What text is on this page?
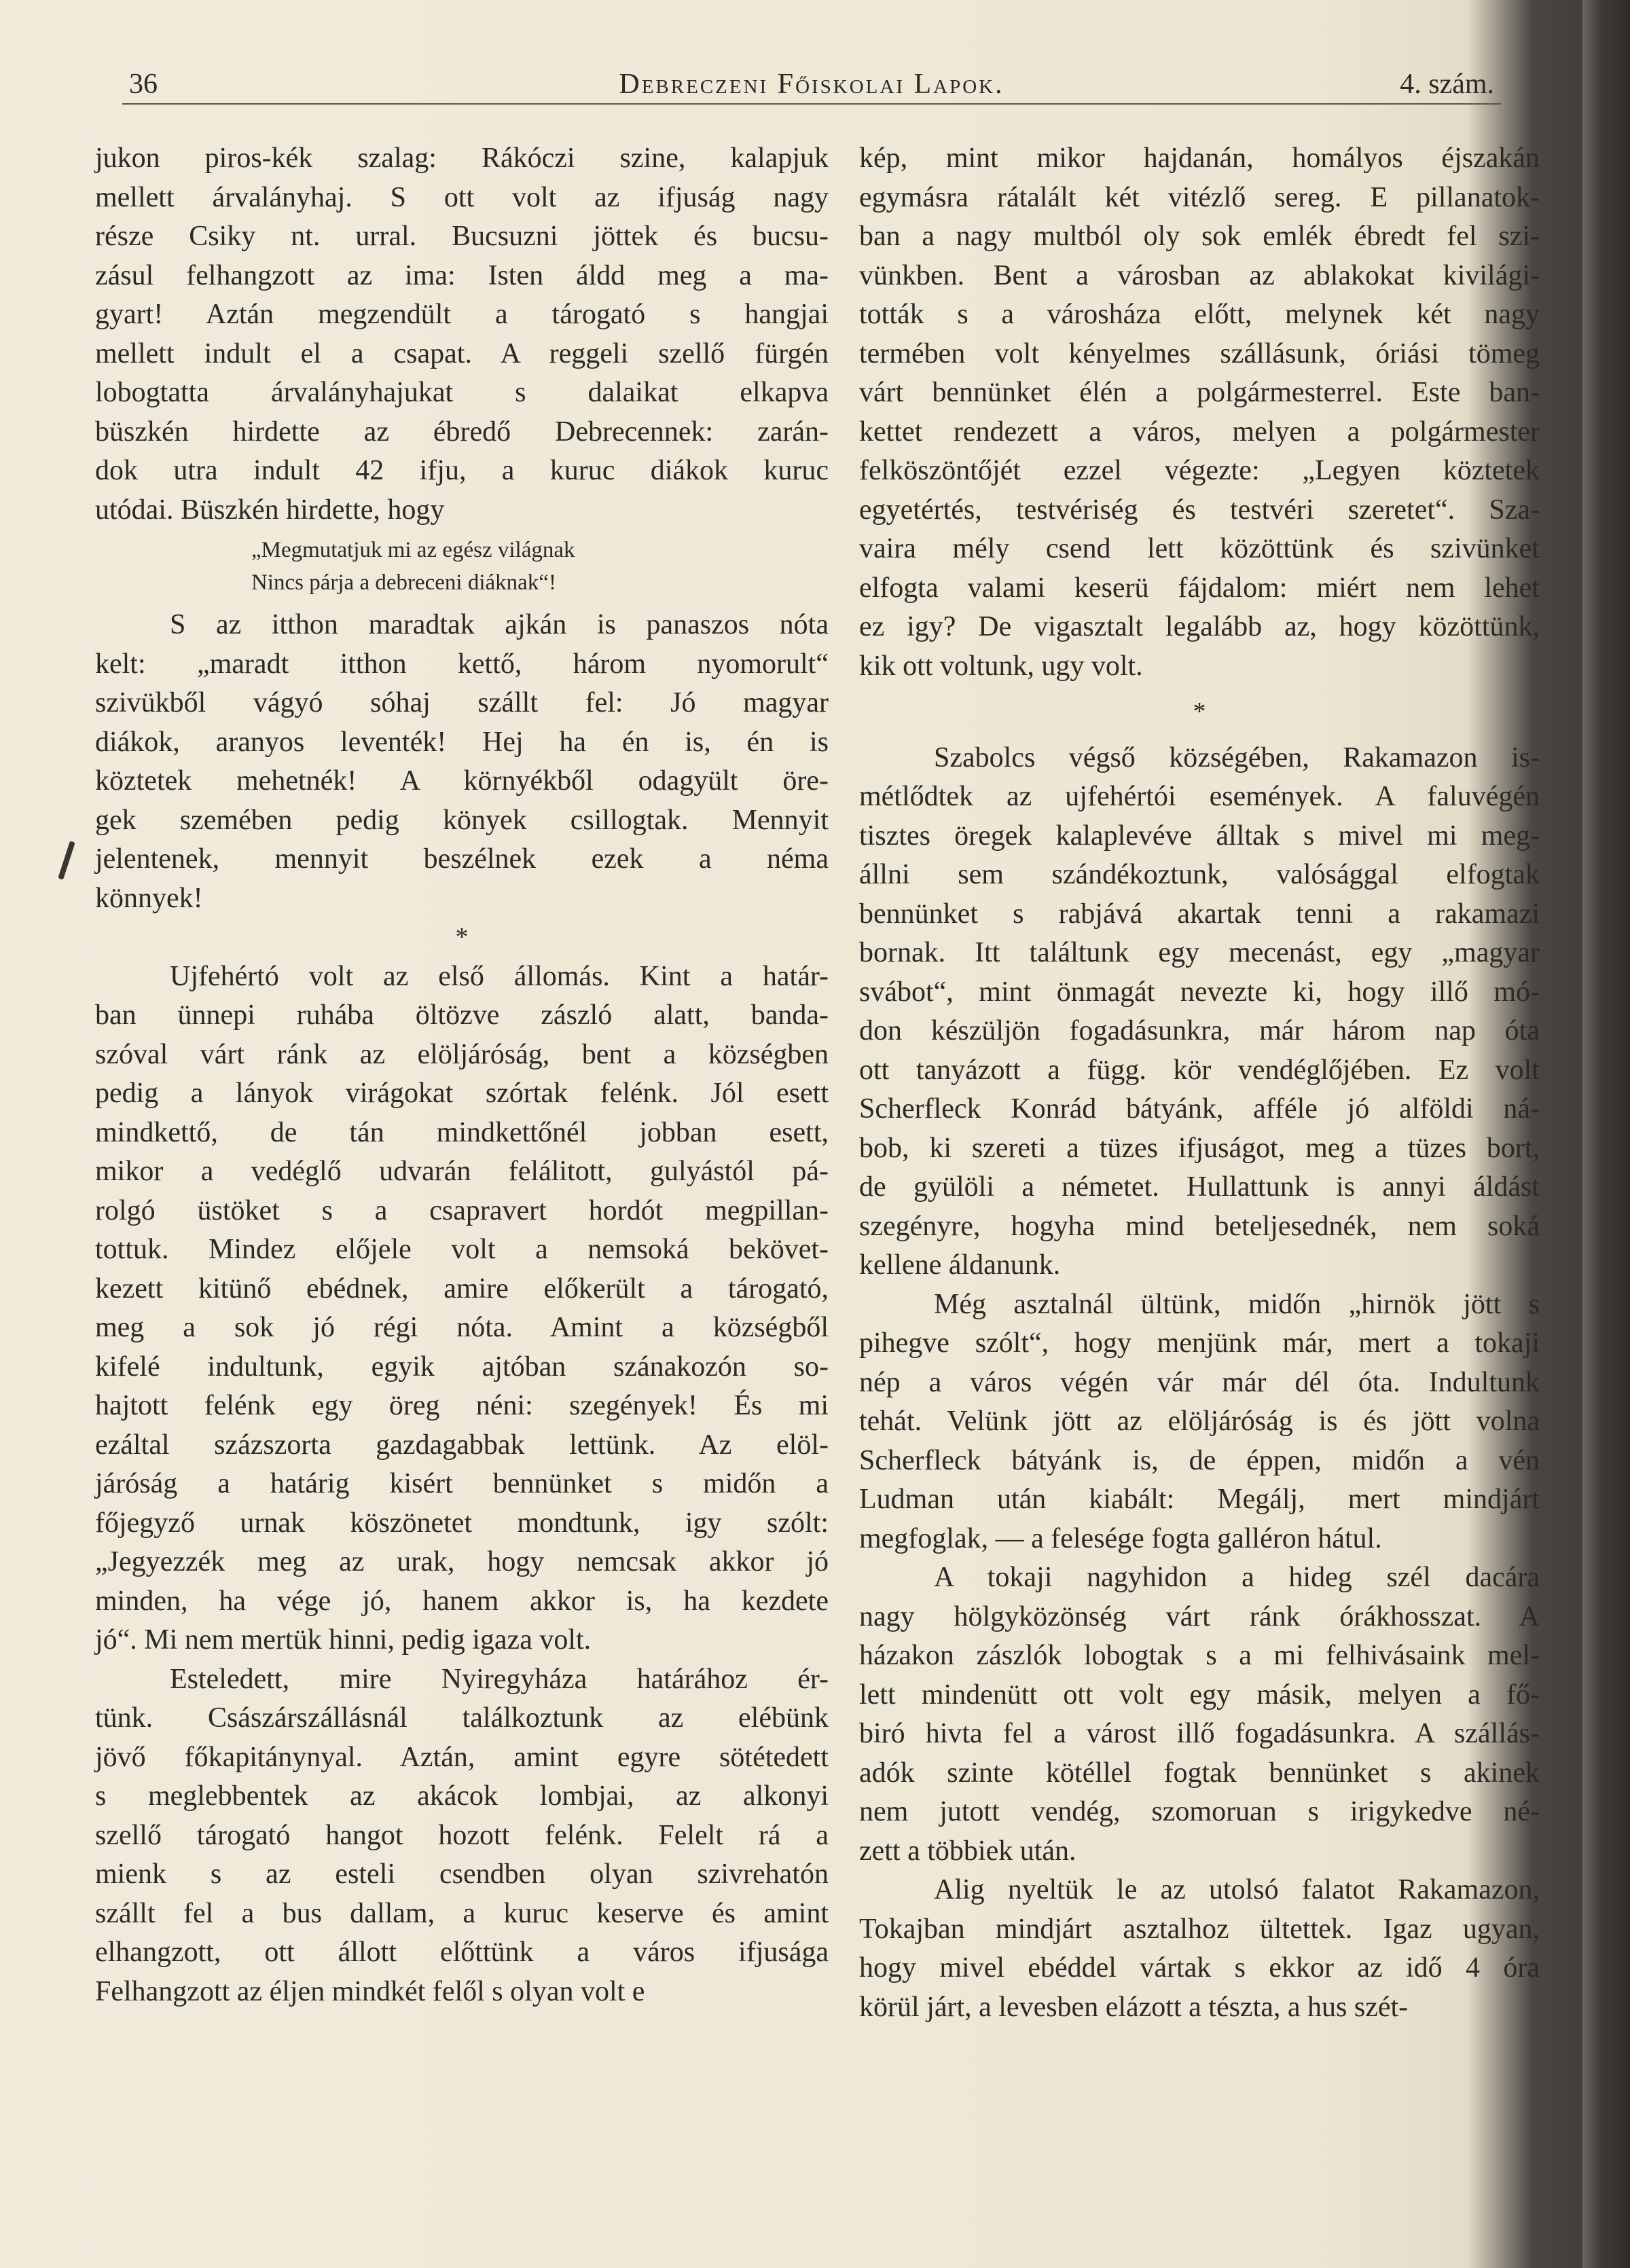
36	Debreczeni Főiskolai Lapok.	4. szám.

jukon piros-kék szalag: Rákóczi szine, kalapjuk
mellett árvalányhaj. S ott volt az ifjuság nagy
része Csiky nt. urral. Bucsuzni jöttek és bucsu-
zásul felhangzott az ima: Isten áldd meg a ma-
gyart! Aztán megzendült a tárogató s hangjai
mellett indult el a csapat. A reggeli szellő fürgén
lobogtatta árvalányhajukat s dalaikat elkapva
büszkén hirdette az ébredő Debrecennek: zarán-
dok utra indult 42 ifju, a kuruc diákok kuruc
utódai. Büszkén hirdette, hogy

„Megmutatjuk mi az egész világnak
Nincs párja a debreceni diáknak“!

S az itthon maradtak ajkán is panaszos nóta
kelt: „maradt itthon kettő, három nyomorult“
szivükből vágyó sóhaj szállt fel: Jó magyar
diákok, aranyos leventék! Hej ha én is, én is
köztetek mehetnék! A környékből odagyült öre-
gek szemében pedig könyek csillogtak. Mennyit
jelentenek, mennyit beszélnek ezek a néma
könnyek!

*

Ujfehértó volt az első állomás. Kint a határ-
ban ünnepi ruhába öltözve zászló alatt, banda-
szóval várt ránk az elöljáróság, bent a községben
pedig a lányok virágokat szórtak felénk. Jól esett
mindkettő, de tán mindkettőnél jobban esett,
mikor a vedéglő udvarán felálitott, gulyástól pá-
rolgó üstöket s a csapravert hordót megpillan-
tottuk. Mindez előjele volt a nemsoká bekövet-
kezett kitünő ebédnek, amire előkerült a tárogató,
meg a sok jó régi nóta. Amint a községből
kifelé indultunk, egyik ajtóban szánakozón so-
hajtott felénk egy öreg néni: szegények! És mi
ezáltal százszorta gazdagabbak lettünk. Az elöl-
járóság a határig kisért bennünket s midőn a
főjegyző urnak köszönetet mondtunk, igy szólt:
„Jegyezzék meg az urak, hogy nemcsak akkor jó
minden, ha vége jó, hanem akkor is, ha kezdete
jó“. Mi nem mertük hinni, pedig igaza volt.

Esteledett, mire Nyiregyháza határához ér-
tünk. Császárszállásnál találkoztunk az elébünk
jövő főkapitánynyal. Aztán, amint egyre sötétedett
s meglebbentek az akácok lombjai, az alkonyi
szellő tárogató hangot hozott felénk. Felelt rá a
mienk s az esteli csendben olyan szivrehatón
szállt fel a bus dallam, a kuruc keserve és amint
elhangzott, ott állott előttünk a város ifjusága
Felhangzott az éljen mindkét felől s olyan volt e

kép, mint mikor hajdanán, homályos éjszakán
egymásra rátalált két vitézlő sereg. E pillanatok-
ban a nagy multból oly sok emlék ébredt fel szi-
vünkben. Bent a városban az ablakokat kivilági-
tották s a városháza előtt, melynek két nagy
termében volt kényelmes szállásunk, óriási tömeg
várt bennünket élén a polgármesterrel. Este ban-
kettet rendezett a város, melyen a polgármester
felköszöntőjét ezzel végezte: „Legyen köztetek
egyetértés, testvériség és testvéri szeretet“. Sza-
vaira mély csend lett közöttünk és szivünket
elfogta valami keserü fájdalom: miért nem lehet
ez igy? De vigasztalt legalább az, hogy közöttünk,
kik ott voltunk, ugy volt.

*

Szabolcs végső községében, Rakamazon is-
métlődtek az ujfehértói események. A faluvégén
tisztes öregek kalaplevéve álltak s mivel mi meg-
állni sem szándékoztunk, valósággal elfogtak
bennünket s rabjává akartak tenni a rakamazi
bornak. Itt találtunk egy mecenást, egy „magyar
svábot“, mint önmagát nevezte ki, hogy illő mó-
don készüljön fogadásunkra, már három nap óta
ott tanyázott a függ. kör vendéglőjében. Ez volt
Scherfleck Konrád bátyánk, afféle jó alföldi ná-
bob, ki szereti a tüzes ifjuságot, meg a tüzes bort,
de gyülöli a németet. Hullattunk is annyi áldást
szegényre, hogyha mind beteljesednék, nem soká
kellene áldanunk.

Még asztalnál ültünk, midőn „hirnök jött s
pihegve szólt“, hogy menjünk már, mert a tokaji
nép a város végén vár már dél óta. Indultunk
tehát. Velünk jött az elöljáróság is és jött volna
Scherfleck bátyánk is, de éppen, midőn a vén
Ludman után kiabált: Megálj, mert mindjárt
megfoglak, — a felesége fogta galléron hátul.

A tokaji nagyhidon a hideg szél dacára
nagy hölgyközönség várt ránk órákhosszat. A
házakon zászlók lobogtak s a mi felhivásaink mel-
lett mindenütt ott volt egy másik, melyen a fő-
biró hivta fel a várost illő fogadásunkra. A szállás-
adók szinte kötéllel fogtak bennünket s akinek
nem jutott vendég, szomoruan s irigykedve né-
zett a többiek után.

Alig nyeltük le az utolsó falatot Rakamazon,
Tokajban mindjárt asztalhoz ültettek. Igaz ugyan,
hogy mivel ebéddel vártak s ekkor az idő 4 óra
körül járt, a levesben elázott a tészta, a hus szét-
